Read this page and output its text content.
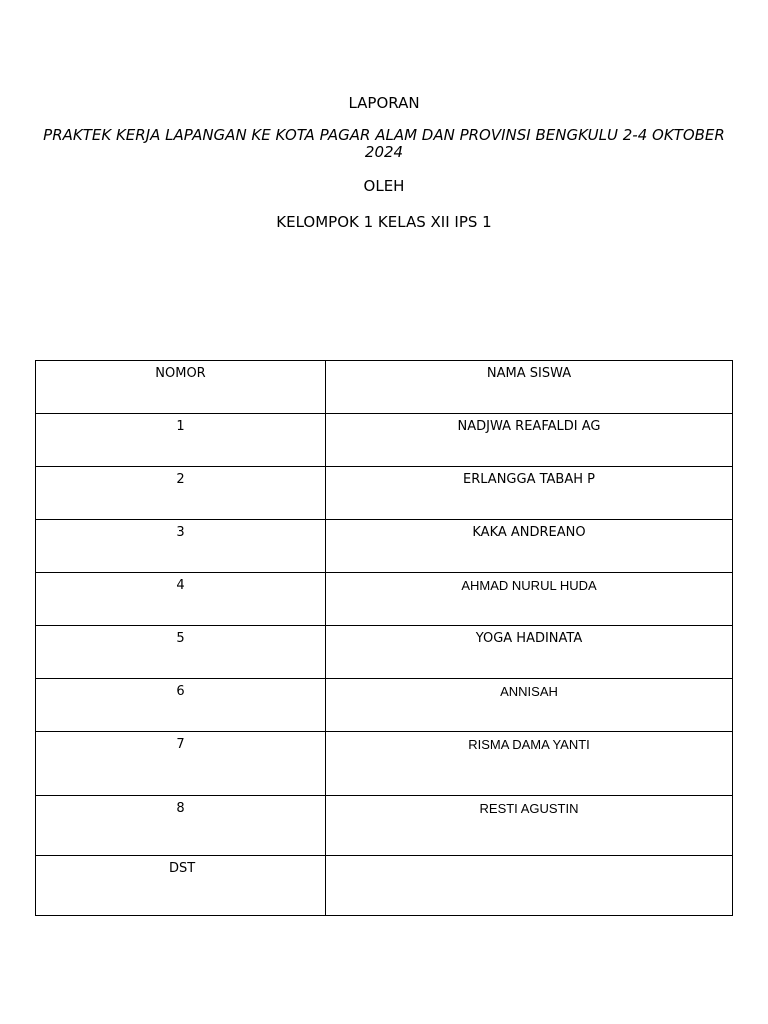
LAPORAN
PRAKTEK KERJA LAPANGAN KE KOTA PAGAR ALAM DAN PROVINSI BENGKULU 2-4 OKTOBER 2024
OLEH
KELOMPOK 1 KELAS XII IPS 1
NOMOR	NAMA SISWA
1	NADJWA REAFALDI AG
2	ERLANGGA TABAH P
3	KAKA ANDREANO
4	AHMAD NURUL HUDA
5	YOGA HADINATA
6	ANNISAH
7	RISMA DAMA YANTI
8	RESTI AGUSTIN
DST	
